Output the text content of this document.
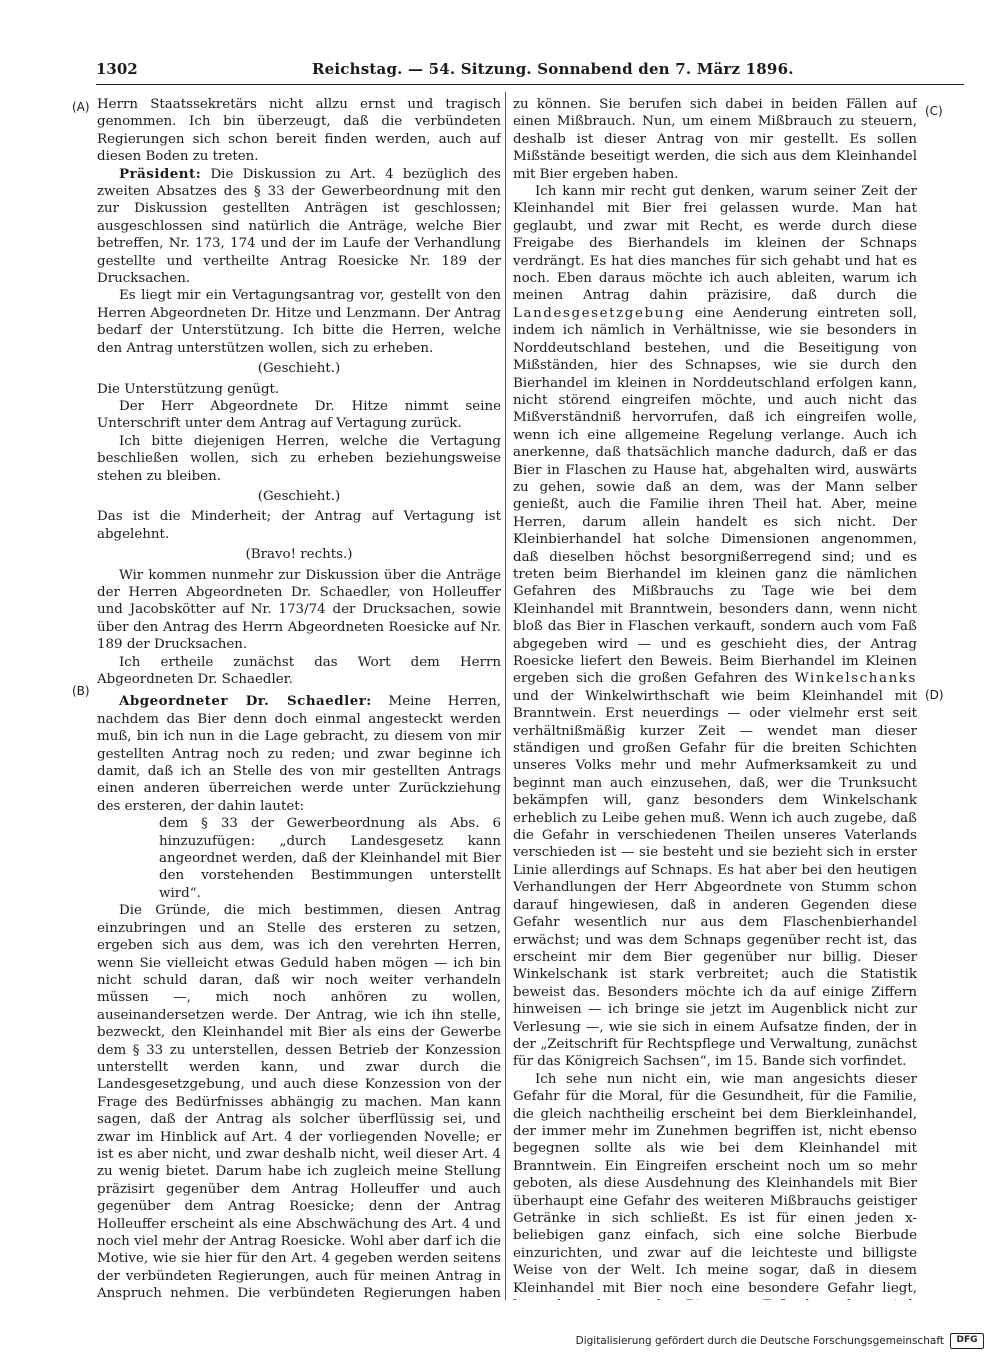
1302	Reichstag. — 54. Sitzung. Sonnabend den 7. März 1896.
(A)
(B)
(C)
(D)

Herrn Staatssekretärs nicht allzu ernst und tragisch genommen. Ich bin überzeugt, daß die verbündeten Regierungen sich schon bereit finden werden, auch auf diesen Boden zu treten.

Präsident: Die Diskussion zu Art. 4 bezüglich des zweiten Absatzes des § 33 der Gewerbeordnung mit den zur Diskussion gestellten Anträgen ist geschlossen; ausgeschlossen sind natürlich die Anträge, welche Bier betreffen, Nr. 173, 174 und der im Laufe der Verhandlung gestellte und vertheilte Antrag Roesicke Nr. 189 der Drucksachen.

Es liegt mir ein Vertagungsantrag vor, gestellt von den Herren Abgeordneten Dr. Hitze und Lenzmann. Der Antrag bedarf der Unterstützung. Ich bitte die Herren, welche den Antrag unterstützen wollen, sich zu erheben.

(Geschieht.)

Die Unterstützung genügt.

Der Herr Abgeordnete Dr. Hitze nimmt seine Unterschrift unter dem Antrag auf Vertagung zurück.

Ich bitte diejenigen Herren, welche die Vertagung beschließen wollen, sich zu erheben beziehungsweise stehen zu bleiben.

(Geschieht.)

Das ist die Minderheit; der Antrag auf Vertagung ist abgelehnt.

(Bravo! rechts.)

Wir kommen nunmehr zur Diskussion über die Anträge der Herren Abgeordneten Dr. Schaedler, von Holleuffer und Jacobskötter auf Nr. 173/74 der Drucksachen, sowie über den Antrag des Herrn Abgeordneten Roesicke auf Nr. 189 der Drucksachen.

Ich ertheile zunächst das Wort dem Herrn Abgeordneten Dr. Schaedler.

Abgeordneter Dr. Schaedler: Meine Herren, nachdem das Bier denn doch einmal angesteckt werden muß, bin ich nun in die Lage gebracht, zu diesem von mir gestellten Antrag noch zu reden; und zwar beginne ich damit, daß ich an Stelle des von mir gestellten Antrags einen anderen überreichen werde unter Zurückziehung des ersteren, der dahin lautet:

dem § 33 der Gewerbeordnung als Abs. 6 hinzuzufügen: „durch Landesgesetz kann angeordnet werden, daß der Kleinhandel mit Bier den vorstehenden Bestimmungen unterstellt wird“.

Die Gründe, die mich bestimmen, diesen Antrag einzubringen und an Stelle des ersteren zu setzen, ergeben sich aus dem, was ich den verehrten Herren, wenn Sie vielleicht etwas Geduld haben mögen — ich bin nicht schuld daran, daß wir noch weiter verhandeln müssen —, mich noch anhören zu wollen, auseinandersetzen werde. Der Antrag, wie ich ihn stelle, bezweckt, den Kleinhandel mit Bier als eins der Gewerbe dem § 33 zu unterstellen, dessen Betrieb der Konzession unterstellt werden kann, und zwar durch die Landesgesetzgebung, und auch diese Konzession von der Frage des Bedürfnisses abhängig zu machen. Man kann sagen, daß der Antrag als solcher überflüssig sei, und zwar im Hinblick auf Art. 4 der vorliegenden Novelle; er ist es aber nicht, und zwar deshalb nicht, weil dieser Art. 4 zu wenig bietet. Darum habe ich zugleich meine Stellung präzisirt gegenüber dem Antrag Holleuffer und auch gegenüber dem Antrag Roesicke; denn der Antrag Holleuffer erscheint als eine Abschwächung des Art. 4 und noch viel mehr der Antrag Roesicke. Wohl aber darf ich die Motive, wie sie hier für den Art. 4 gegeben werden seitens der verbündeten Regierungen, auch für meinen Antrag in Anspruch nehmen. Die verbündeten Regierungen haben

zu können. Sie berufen sich dabei in beiden Fällen auf einen Mißbrauch. Nun, um einem Mißbrauch zu steuern, deshalb ist dieser Antrag von mir gestellt. Es sollen Mißstände beseitigt werden, die sich aus dem Kleinhandel mit Bier ergeben haben.

Ich kann mir recht gut denken, warum seiner Zeit der Kleinhandel mit Bier frei gelassen wurde. Man hat geglaubt, und zwar mit Recht, es werde durch diese Freigabe des Bierhandels im kleinen der Schnaps verdrängt. Es hat dies manches für sich gehabt und hat es noch. Eben daraus möchte ich auch ableiten, warum ich meinen Antrag dahin präzisire, daß durch die Landesgesetzgebung eine Aenderung eintreten soll, indem ich nämlich in Verhältnisse, wie sie besonders in Norddeutschland bestehen, und die Beseitigung von Mißständen, hier des Schnapses, wie sie durch den Bierhandel im kleinen in Norddeutschland erfolgen kann, nicht störend eingreifen möchte, und auch nicht das Mißverständniß hervorrufen, daß ich eingreifen wolle, wenn ich eine allgemeine Regelung verlange. Auch ich anerkenne, daß thatsächlich manche dadurch, daß er das Bier in Flaschen zu Hause hat, abgehalten wird, auswärts zu gehen, sowie daß an dem, was der Mann selber genießt, auch die Familie ihren Theil hat. Aber, meine Herren, darum allein handelt es sich nicht. Der Kleinbierhandel hat solche Dimensionen angenommen, daß dieselben höchst besorgnißerregend sind; und es treten beim Bierhandel im kleinen ganz die nämlichen Gefahren des Mißbrauchs zu Tage wie bei dem Kleinhandel mit Branntwein, besonders dann, wenn nicht bloß das Bier in Flaschen verkauft, sondern auch vom Faß abgegeben wird — und es geschieht dies, der Antrag Roesicke liefert den Beweis. Beim Bierhandel im Kleinen ergeben sich die großen Gefahren des Winkelschanks und der Winkelwirthschaft wie beim Kleinhandel mit Branntwein. Erst neuerdings — oder vielmehr erst seit verhältnißmäßig kurzer Zeit — wendet man dieser ständigen und großen Gefahr für die breiten Schichten unseres Volks mehr und mehr Aufmerksamkeit zu und beginnt man auch einzusehen, daß, wer die Trunksucht bekämpfen will, ganz besonders dem Winkelschank erheblich zu Leibe gehen muß. Wenn ich auch zugebe, daß die Gefahr in verschiedenen Theilen unseres Vaterlands verschieden ist — sie besteht und sie bezieht sich in erster Linie allerdings auf Schnaps. Es hat aber bei den heutigen Verhandlungen der Herr Abgeordnete von Stumm schon darauf hingewiesen, daß in anderen Gegenden diese Gefahr wesentlich nur aus dem Flaschenbierhandel erwächst; und was dem Schnaps gegenüber recht ist, das erscheint mir dem Bier gegenüber nur billig. Dieser Winkelschank ist stark verbreitet; auch die Statistik beweist das. Besonders möchte ich da auf einige Ziffern hinweisen — ich bringe sie jetzt im Augenblick nicht zur Verlesung —, wie sie sich in einem Aufsatze finden, der in der „Zeitschrift für Rechtspflege und Verwaltung, zunächst für das Königreich Sachsen“, im 15. Bande sich vorfindet.

Ich sehe nun nicht ein, wie man angesichts dieser Gefahr für die Moral, für die Gesundheit, für die Familie, die gleich nachtheilig erscheint bei dem Bierkleinhandel, der immer mehr im Zunehmen begriffen ist, nicht ebenso begegnen sollte als wie bei dem Kleinhandel mit Branntwein. Ein Eingreifen erscheint noch um so mehr geboten, als diese Ausdehnung des Kleinhandels mit Bier überhaupt eine Gefahr des weiteren Mißbrauchs geistiger Getränke in sich schließt. Es ist für einen jeden x-beliebigen ganz einfach, sich eine solche Bierbude einzurichten, und zwar auf die leichteste und billigste Weise von der Welt. Ich meine sogar, daß in diesem Kleinhandel mit Bier noch eine besondere Gefahr liegt,

Digitalisierung gefördert durch die Deutsche Forschungsgemeinschaft	DFG
